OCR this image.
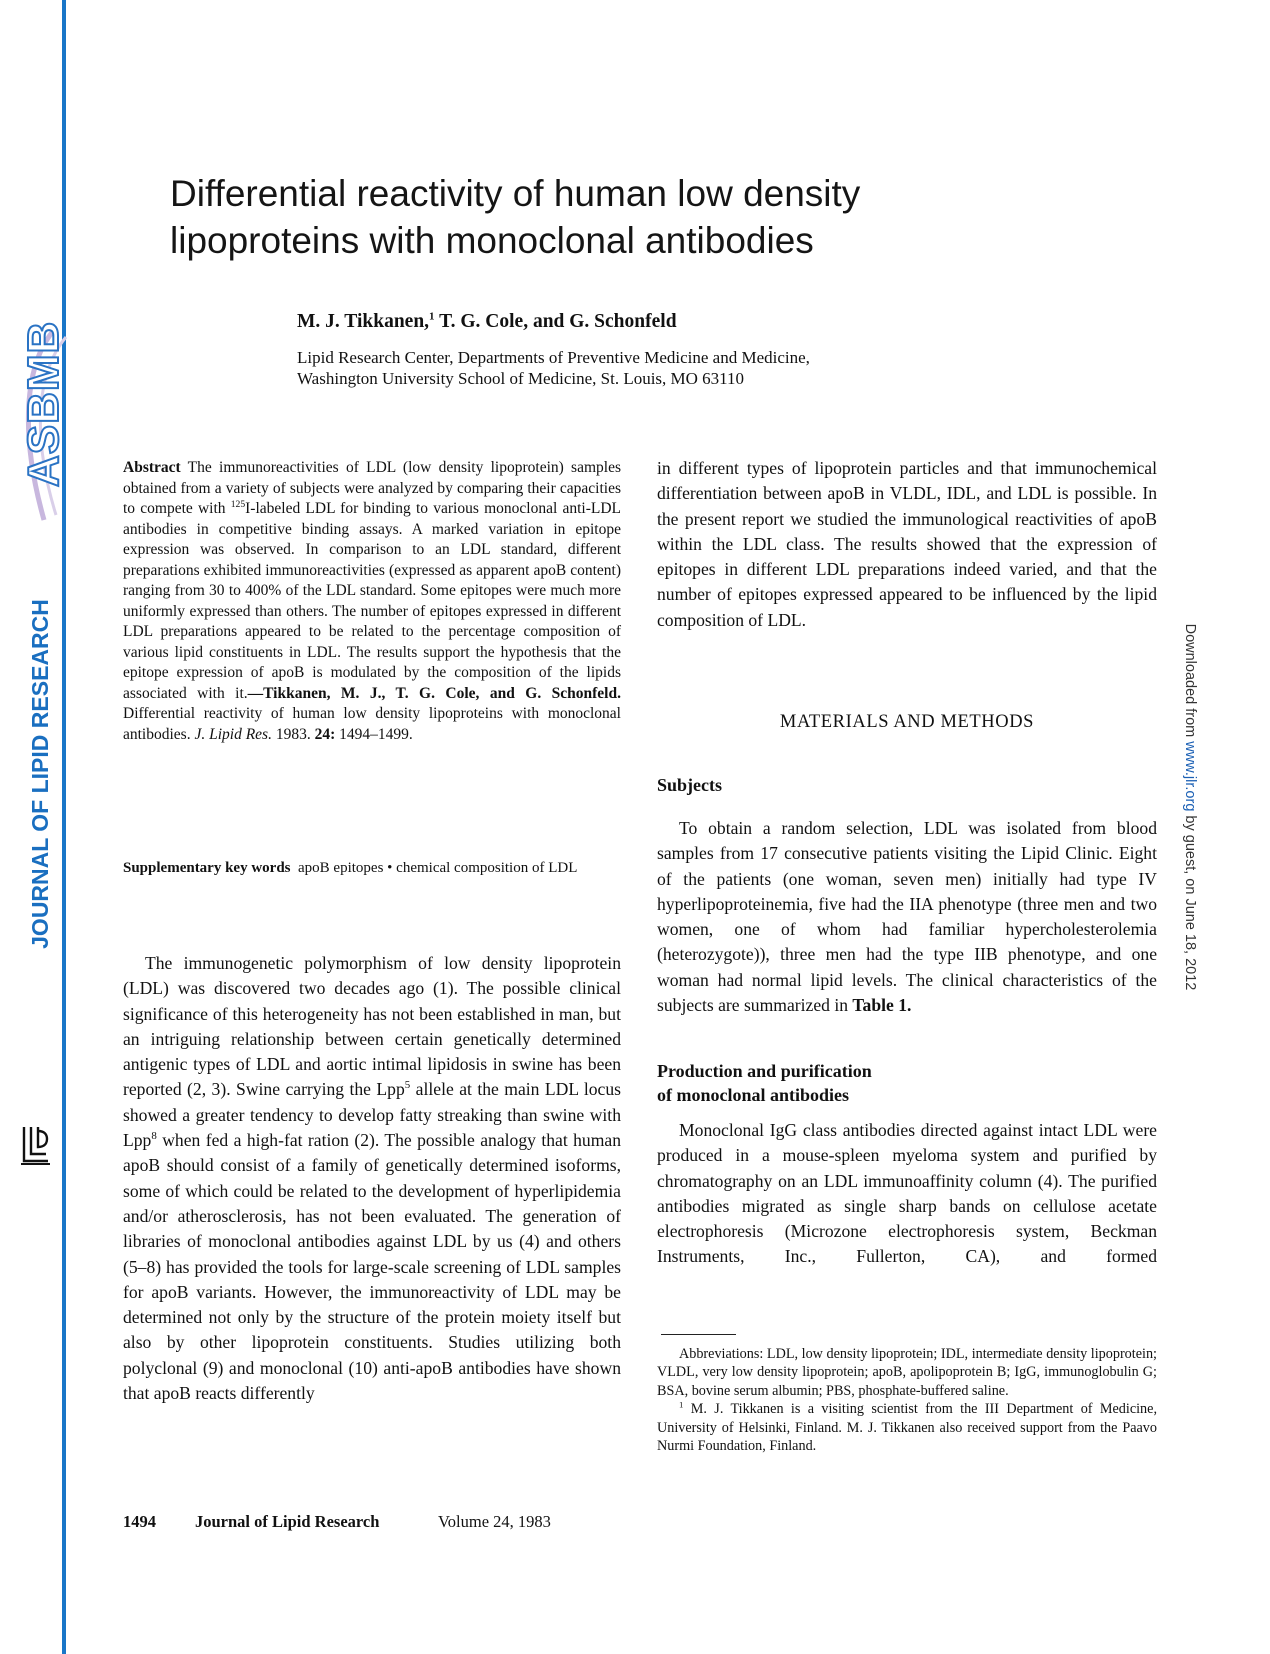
ASBMB
JOURNAL OF LIPID RESEARCH	Downloaded from www.jlr.org by guest, on June 18, 2012
Differential reactivity of human low density
lipoproteins with monoclonal antibodies
M. J. Tikkanen,$^1$ T. G. Cole, and G. Schonfeld
Lipid Research Center, Departments of Preventive Medicine and Medicine,
Washington University School of Medicine, St. Louis, MO 63110
Abstract The immunoreactivities of LDL (low density lipoprotein) samples obtained from a variety of subjects were analyzed by comparing their capacities to compete with $^{125}$I-labeled LDL for binding to various monoclonal anti-LDL antibodies in competitive binding assays. A marked variation in epitope expression was observed. In comparison to an LDL standard, different preparations exhibited immunoreactivities (expressed as apparent apoB content) ranging from 30 to 400% of the LDL standard. Some epitopes were much more uniformly expressed than others. The number of epitopes expressed in different LDL preparations appeared to be related to the percentage composition of various lipid constituents in LDL. The results support the hypothesis that the epitope expression of apoB is modulated by the composition of the lipids associated with it.—Tikkanen, M. J., T. G. Cole, and G. Schonfeld. Differential reactivity of human low density lipoproteins with monoclonal antibodies. J. Lipid Res. 1983. 24: 1494–1499.
Supplementary key words apoB epitopes • chemical composition of LDL
The immunogenetic polymorphism of low density lipoprotein (LDL) was discovered two decades ago (1). The possible clinical significance of this heterogeneity has not been established in man, but an intriguing relationship between certain genetically determined antigenic types of LDL and aortic intimal lipidosis in swine has been reported (2, 3). Swine carrying the Lpp$^5$ allele at the main LDL locus showed a greater tendency to develop fatty streaking than swine with Lpp$^8$ when fed a high-fat ration (2). The possible analogy that human apoB should consist of a family of genetically determined isoforms, some of which could be related to the development of hyperlipidemia and/or atherosclerosis, has not been evaluated. The generation of libraries of monoclonal antibodies against LDL by us (4) and others (5–8) has provided the tools for large-scale screening of LDL samples for apoB variants. However, the immunoreactivity of LDL may be determined not only by the structure of the protein moiety itself but also by other lipoprotein constituents. Studies utilizing both polyclonal (9) and monoclonal (10) anti-apoB antibodies have shown that apoB reacts differently
in different types of lipoprotein particles and that immunochemical differentiation between apoB in VLDL, IDL, and LDL is possible. In the present report we studied the immunological reactivities of apoB within the LDL class. The results showed that the expression of epitopes in different LDL preparations indeed varied, and that the number of epitopes expressed appeared to be influenced by the lipid composition of LDL.
MATERIALS AND METHODS
Subjects
To obtain a random selection, LDL was isolated from blood samples from 17 consecutive patients visiting the Lipid Clinic. Eight of the patients (one woman, seven men) initially had type IV hyperlipoproteinemia, five had the IIA phenotype (three men and two women, one of whom had familiar hypercholesterolemia (heterozygote)), three men had the type IIB phenotype, and one woman had normal lipid levels. The clinical characteristics of the subjects are summarized in Table 1.
Production and purification
of monoclonal antibodies
Monoclonal IgG class antibodies directed against intact LDL were produced in a mouse-spleen myeloma system and purified by chromatography on an LDL immunoaffinity column (4). The purified antibodies migrated as single sharp bands on cellulose acetate electrophoresis (Microzone electrophoresis system, Beckman Instruments, Inc., Fullerton, CA), and formed

Abbreviations: LDL, low density lipoprotein; IDL, intermediate density lipoprotein; VLDL, very low density lipoprotein; apoB, apolipoprotein B; IgG, immunoglobulin G; BSA, bovine serum albumin; PBS, phosphate-buffered saline.

$^1$ M. J. Tikkanen is a visiting scientist from the III Department of Medicine, University of Helsinki, Finland. M. J. Tikkanen also received support from the Paavo Nurmi Foundation, Finland.

1494 Journal of Lipid Research	Volume 24, 1983
